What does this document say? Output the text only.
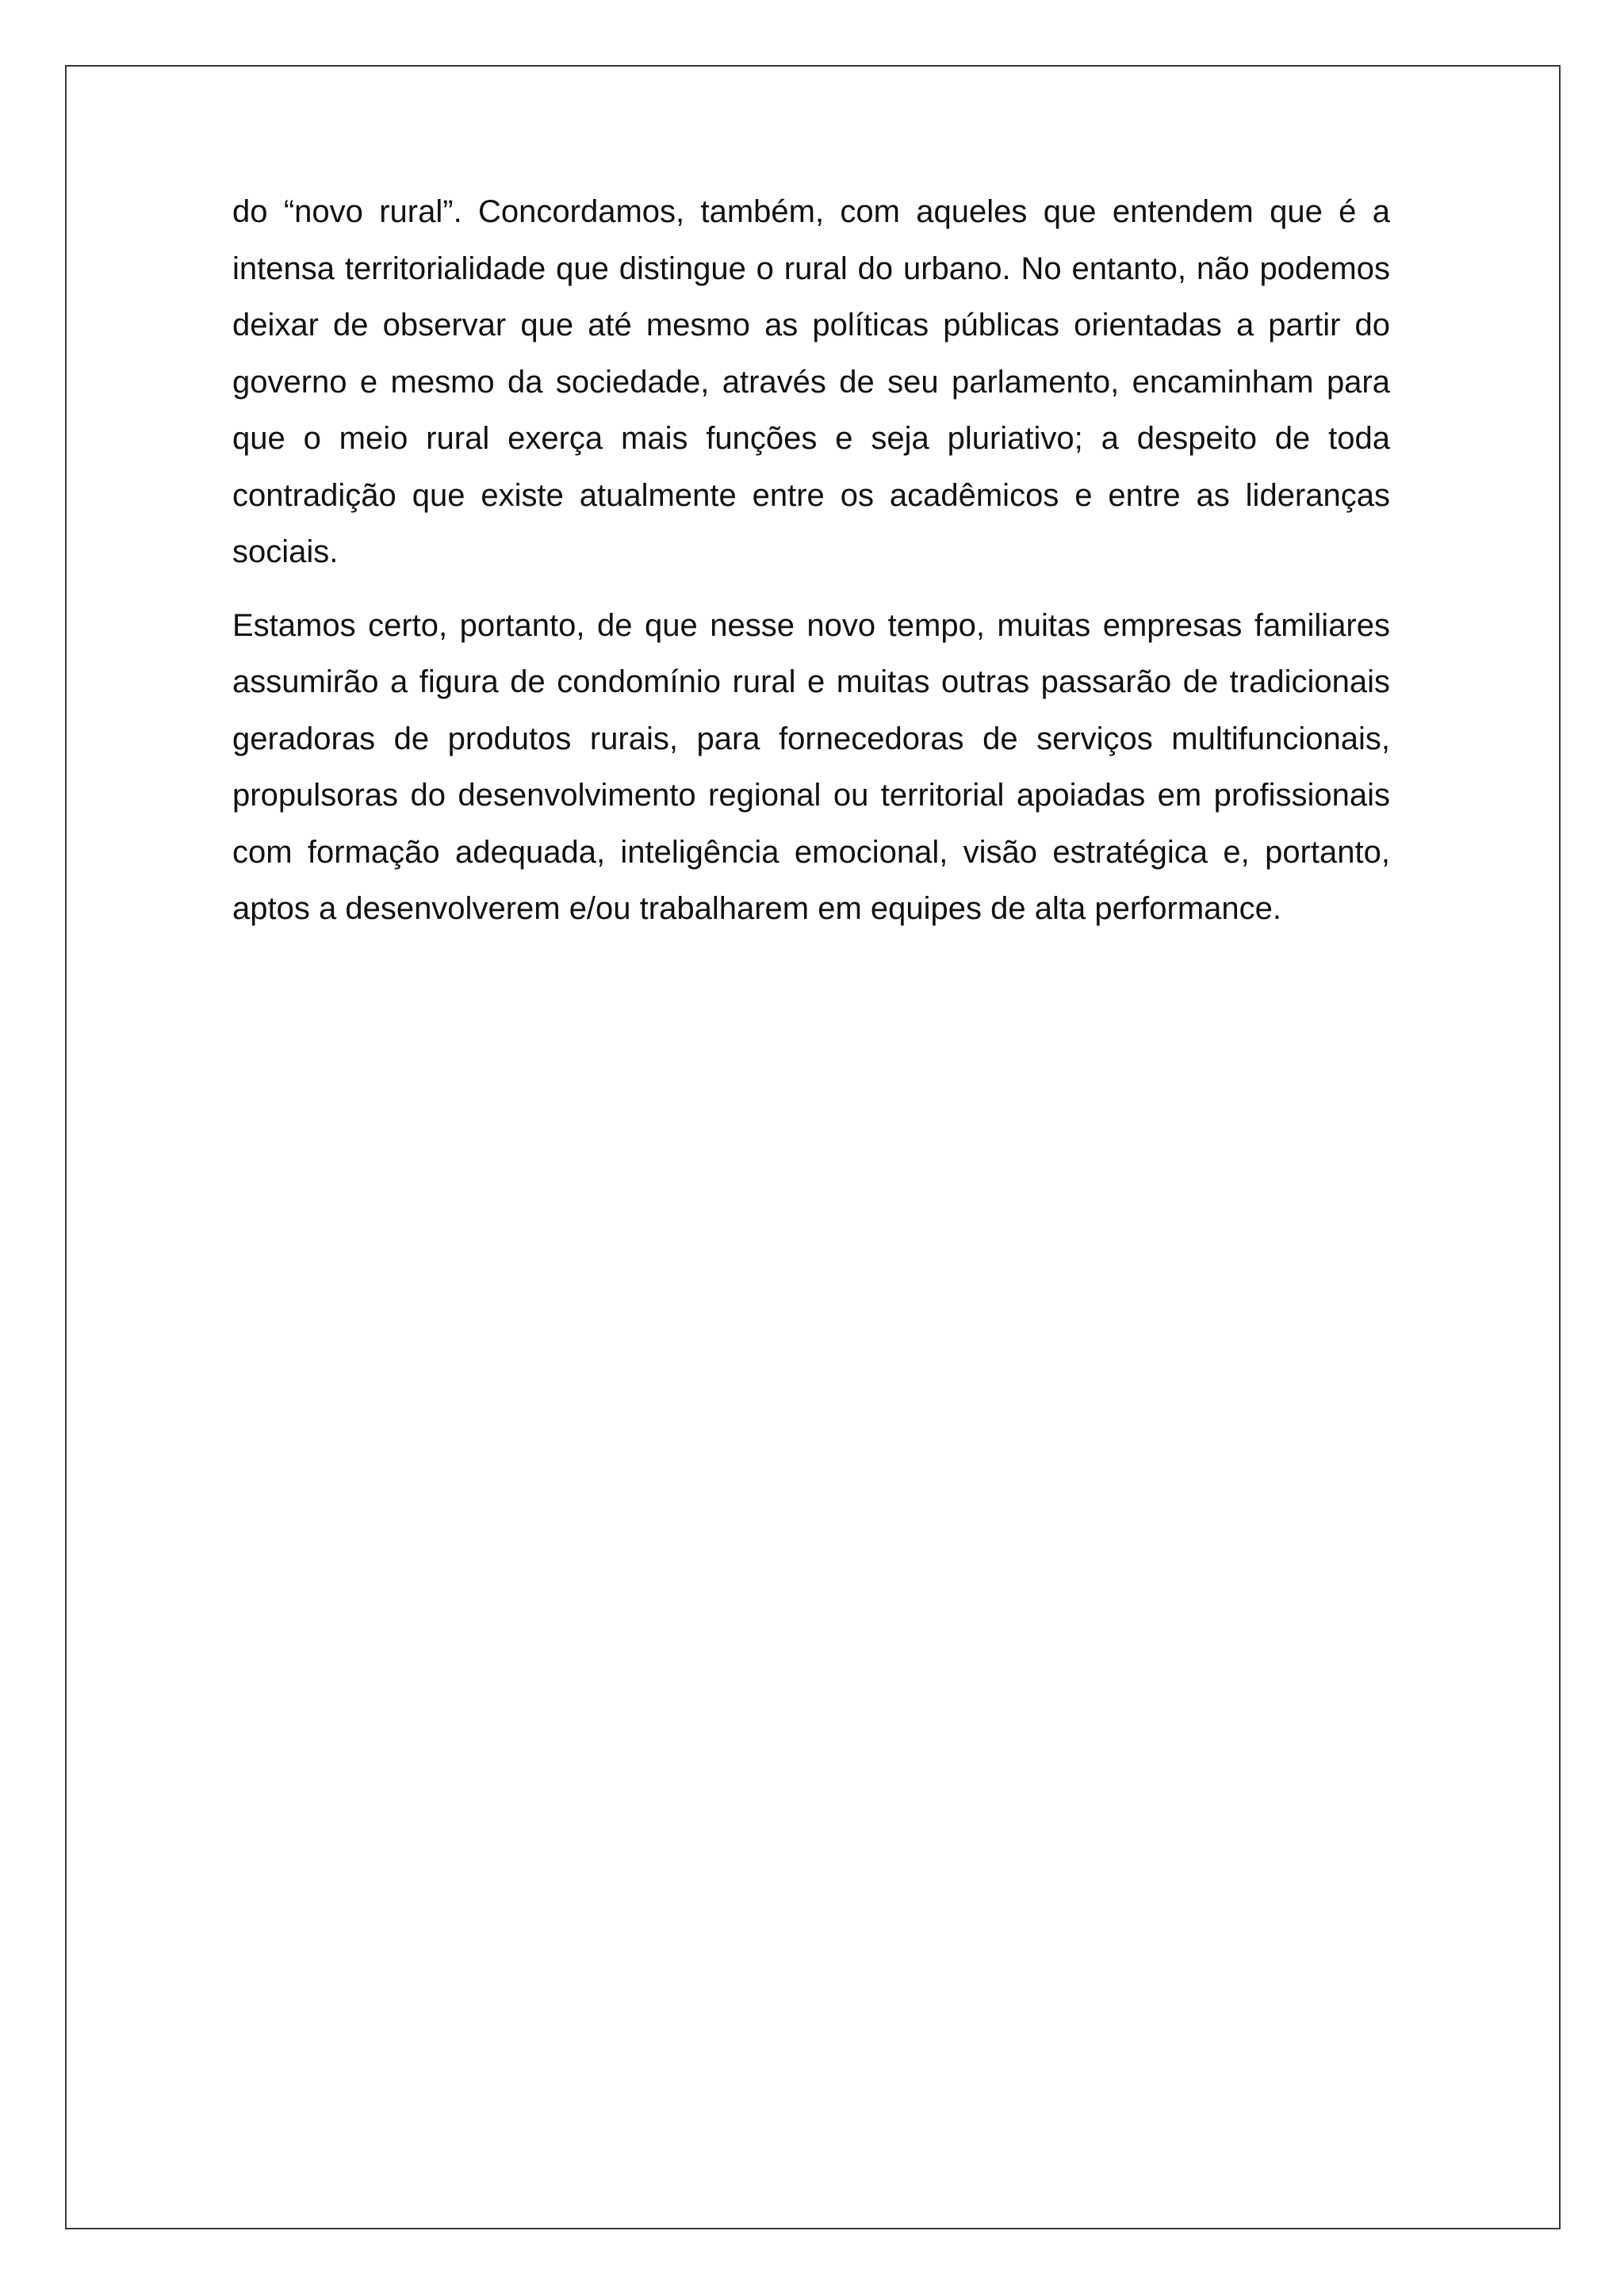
do “novo rural”. Concordamos, também, com aqueles que entendem que é a intensa territorialidade que distingue o rural do urbano. No entanto, não podemos deixar de observar que até mesmo as políticas públicas orientadas a partir do governo e mesmo da sociedade, através de seu parlamento, encaminham para que o meio rural exerça mais funções e seja pluriativo; a despeito de toda contradição que existe atualmente entre os acadêmicos e entre as lideranças sociais.

Estamos certo, portanto, de que nesse novo tempo, muitas empresas familiares assumirão a figura de condomínio rural e muitas outras passarão de tradicionais geradoras de produtos rurais, para fornecedoras de serviços multifuncionais, propulsoras do desenvolvimento regional ou territorial apoiadas em profissionais com formação adequada, inteligência emocional, visão estratégica e, portanto, aptos a desenvolverem e/ou trabalharem em equipes de alta performance.
